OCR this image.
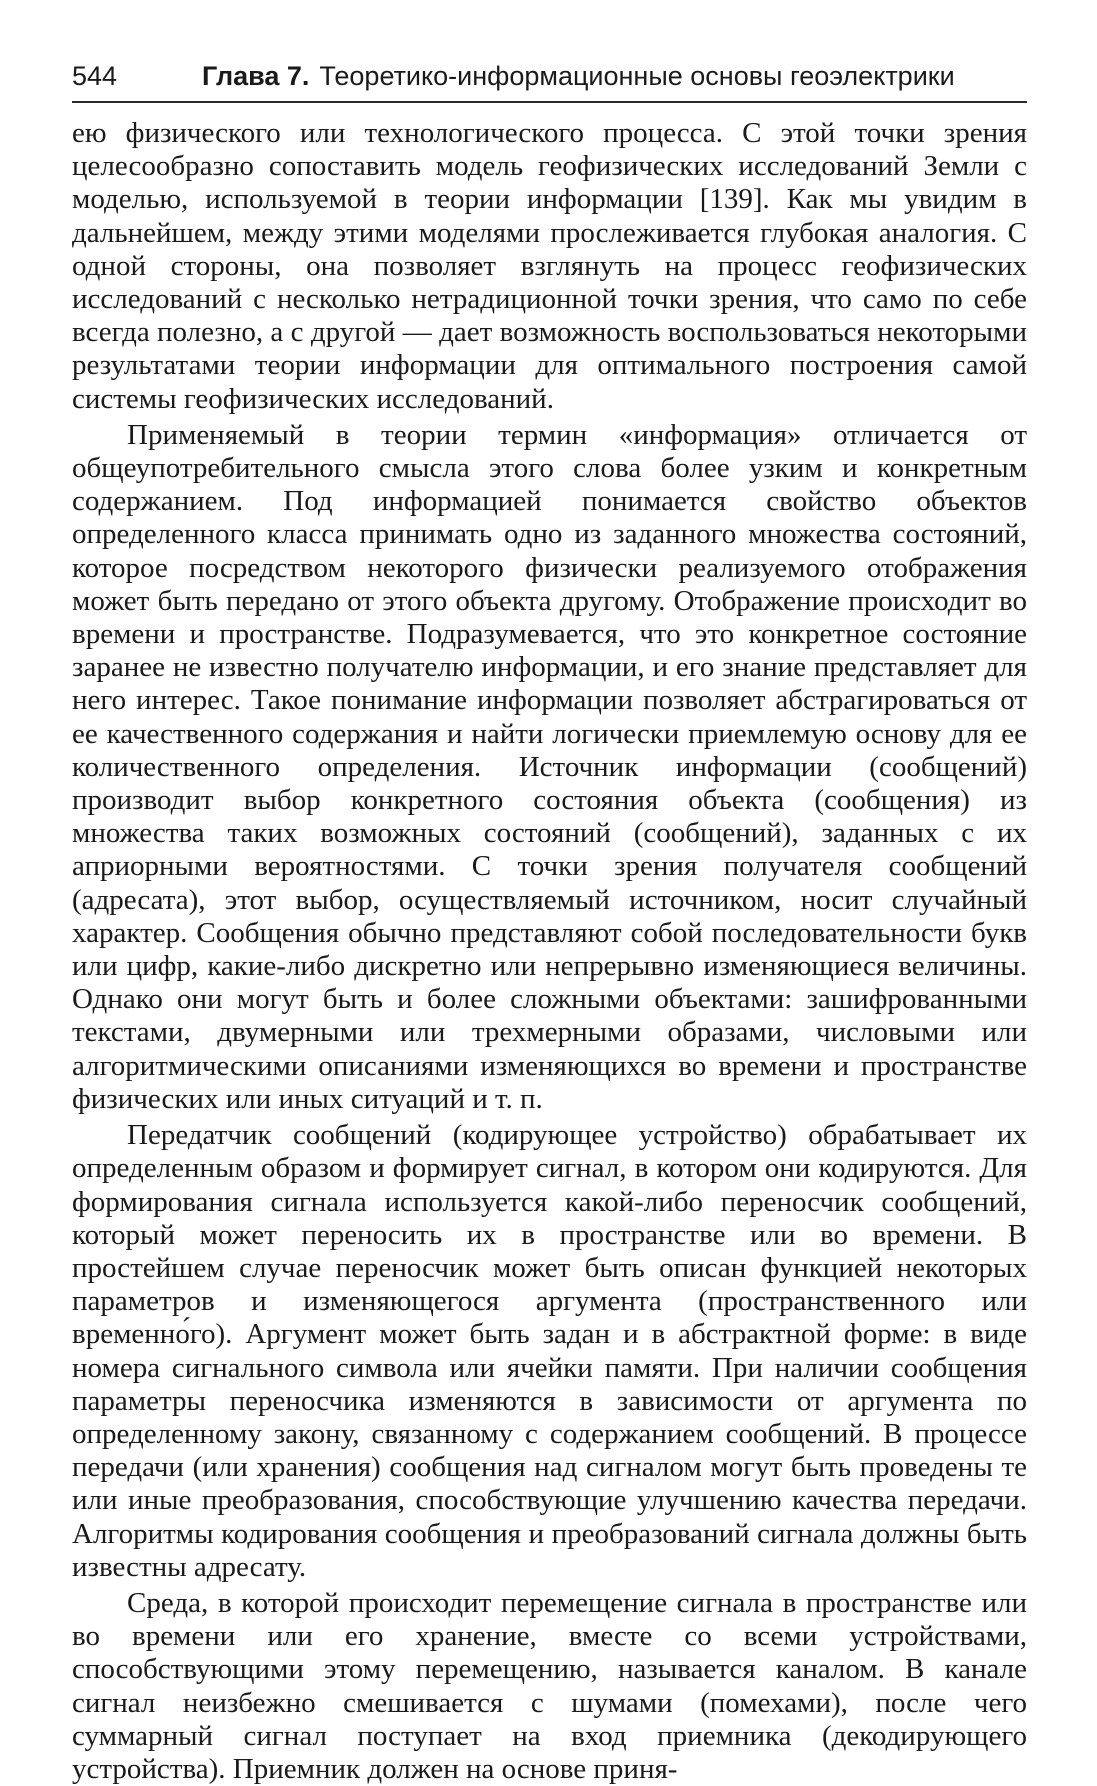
544	Глава 7. Теоретико-информационные основы геоэлектрики

ею физического или технологического процесса. С этой точки зрения целесообразно сопоставить модель геофизических исследований Земли с моделью, используемой в теории информации [139]. Как мы увидим в дальнейшем, между этими моделями прослеживается глубокая аналогия. С одной стороны, она позволяет взглянуть на процесс геофизических исследований с несколько нетрадиционной точки зрения, что само по себе всегда полезно, а с другой — дает возможность воспользоваться некоторыми результатами теории информации для оптимального построения самой системы геофизических исследований.

Применяемый в теории термин «информация» отличается от общеупотребительного смысла этого слова более узким и конкретным содержанием. Под информацией понимается свойство объектов определенного класса принимать одно из заданного множества состояний, которое посредством некоторого физически реализуемого отображения может быть передано от этого объекта другому. Отображение происходит во времени и пространстве. Подразумевается, что это конкретное состояние заранее не известно получателю информации, и его знание представляет для него интерес. Такое понимание информации позволяет абстрагироваться от ее качественного содержания и найти логически приемлемую основу для ее количественного определения. Источник информации (сообщений) производит выбор конкретного состояния объекта (сообщения) из множества таких возможных состояний (сообщений), заданных с их априорными вероятностями. С точки зрения получателя сообщений (адресата), этот выбор, осуществляемый источником, носит случайный характер. Сообщения обычно представляют собой последовательности букв или цифр, какие-либо дискретно или непрерывно изменяющиеся величины. Однако они могут быть и более сложными объектами: зашифрованными текстами, двумерными или трехмерными образами, числовыми или алгоритмическими описаниями изменяющихся во времени и пространстве физических или иных ситуаций и т. п.

Передатчик сообщений (кодирующее устройство) обрабатывает их определенным образом и формирует сигнал, в котором они кодируются. Для формирования сигнала используется какой-либо переносчик сообщений, который может переносить их в пространстве или во времени. В простейшем случае переносчик может быть описан функцией некоторых параметров и изменяющегося аргумента (пространственного или временно́го). Аргумент может быть задан и в абстрактной форме: в виде номера сигнального символа или ячейки памяти. При наличии сообщения параметры переносчика изменяются в зависимости от аргумента по определенному закону, связанному с содержанием сообщений. В процессе передачи (или хранения) сообщения над сигналом могут быть проведены те или иные преобразования, способствующие улучшению качества передачи. Алгоритмы кодирования сообщения и преобразований сигнала должны быть известны адресату.

Среда, в которой происходит перемещение сигнала в пространстве или во времени или его хранение, вместе со всеми устройствами, способствующими этому перемещению, называется каналом. В канале сигнал неизбежно смешивается с шумами (помехами), после чего суммарный сигнал поступает на вход приемника (декодирующего устройства). Приемник должен на основе приня-
